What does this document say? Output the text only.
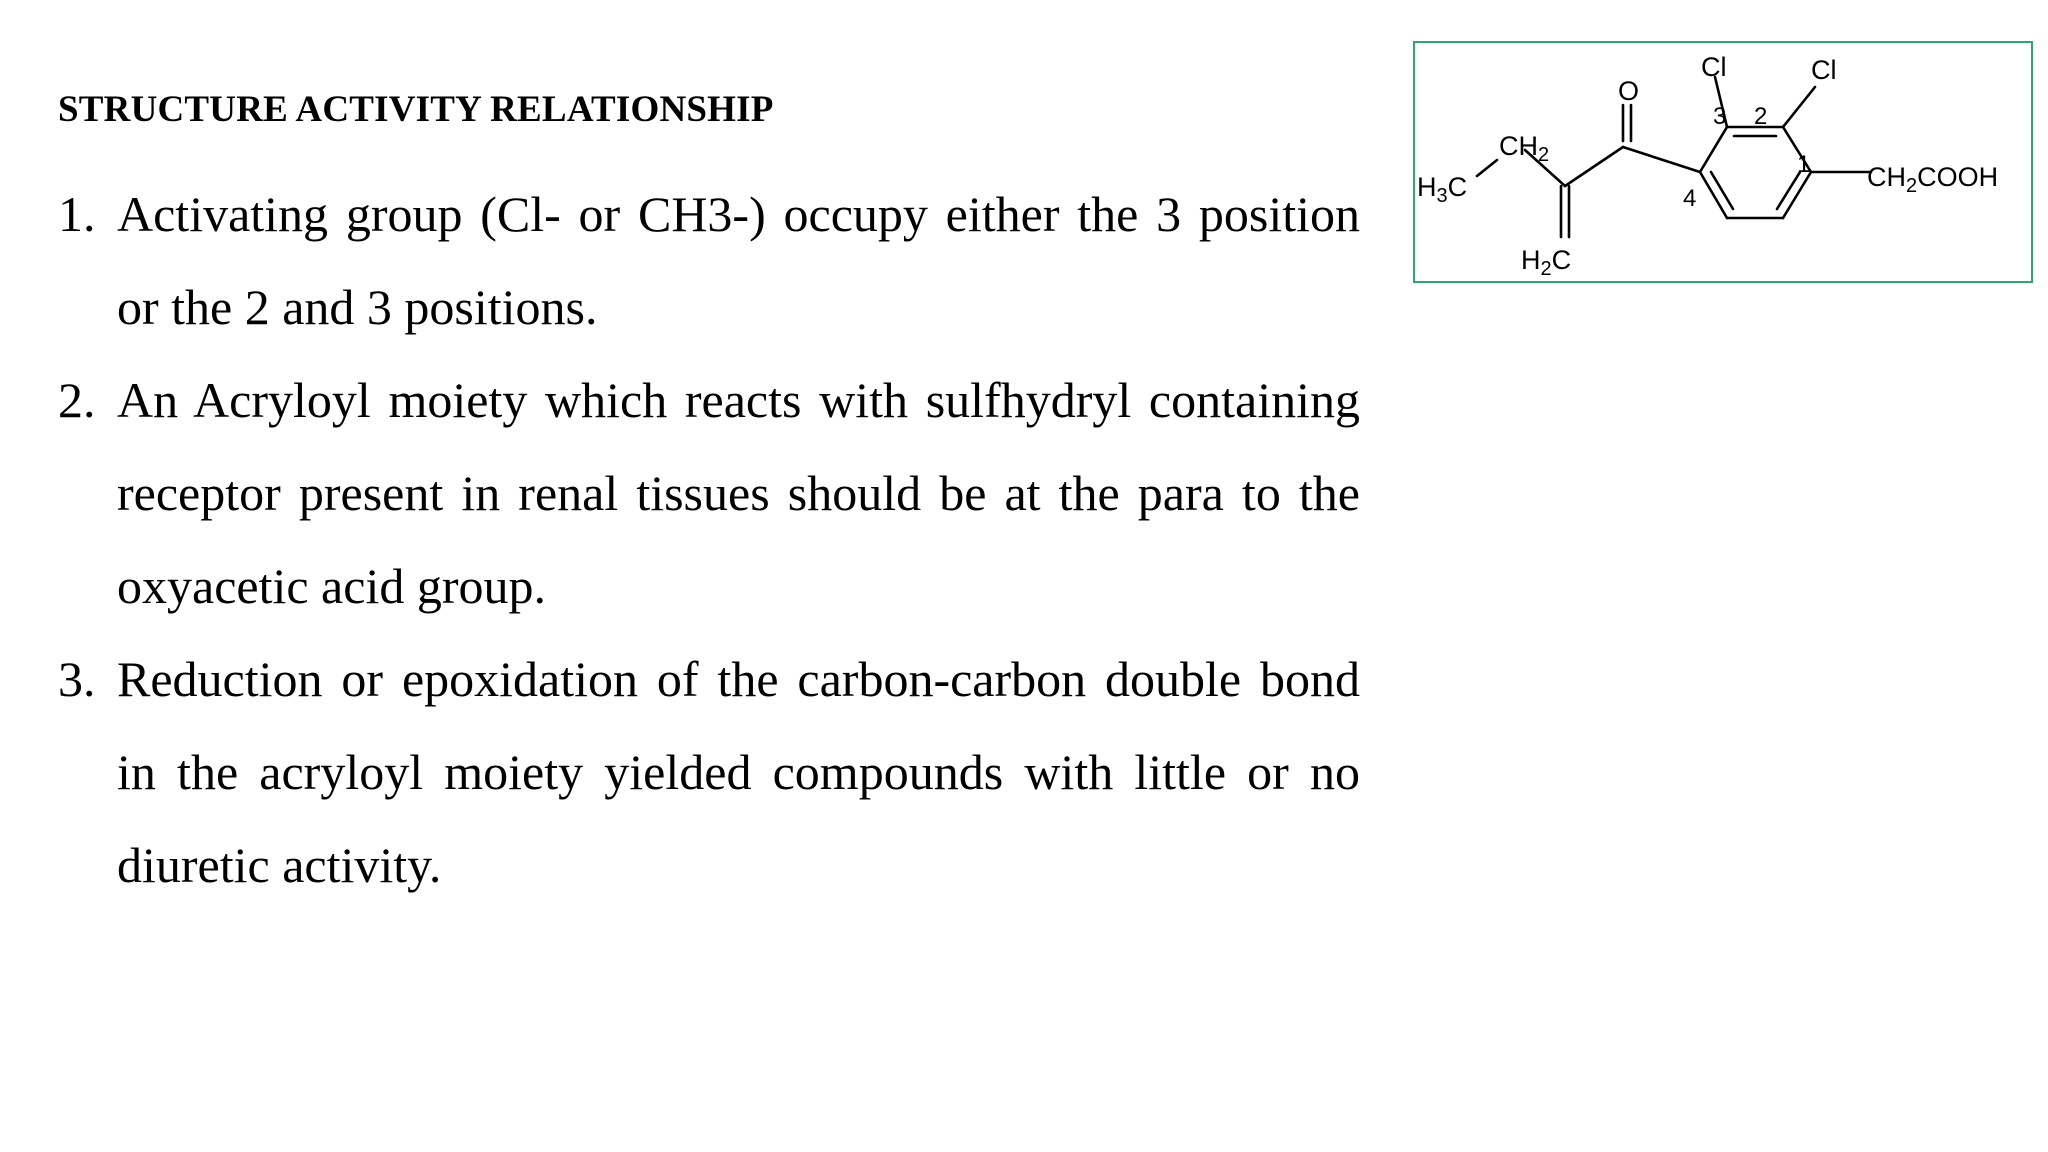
STRUCTURE ACTIVITY RELATIONSHIP
1. Activating group (Cl- or CH3-) occupy either the 3 position or the 2 and 3 positions.
2. An Acryloyl moiety which reacts with sulfhydryl containing receptor present in renal tissues should be at the para to the oxyacetic acid group.
3. Reduction or epoxidation of the carbon-carbon double bond in the acryloyl moiety yielded compounds with little or no diuretic activity.
Cl	Cl
O
H3C
CH2
H2C
CH2COOH
1
2
3
4
